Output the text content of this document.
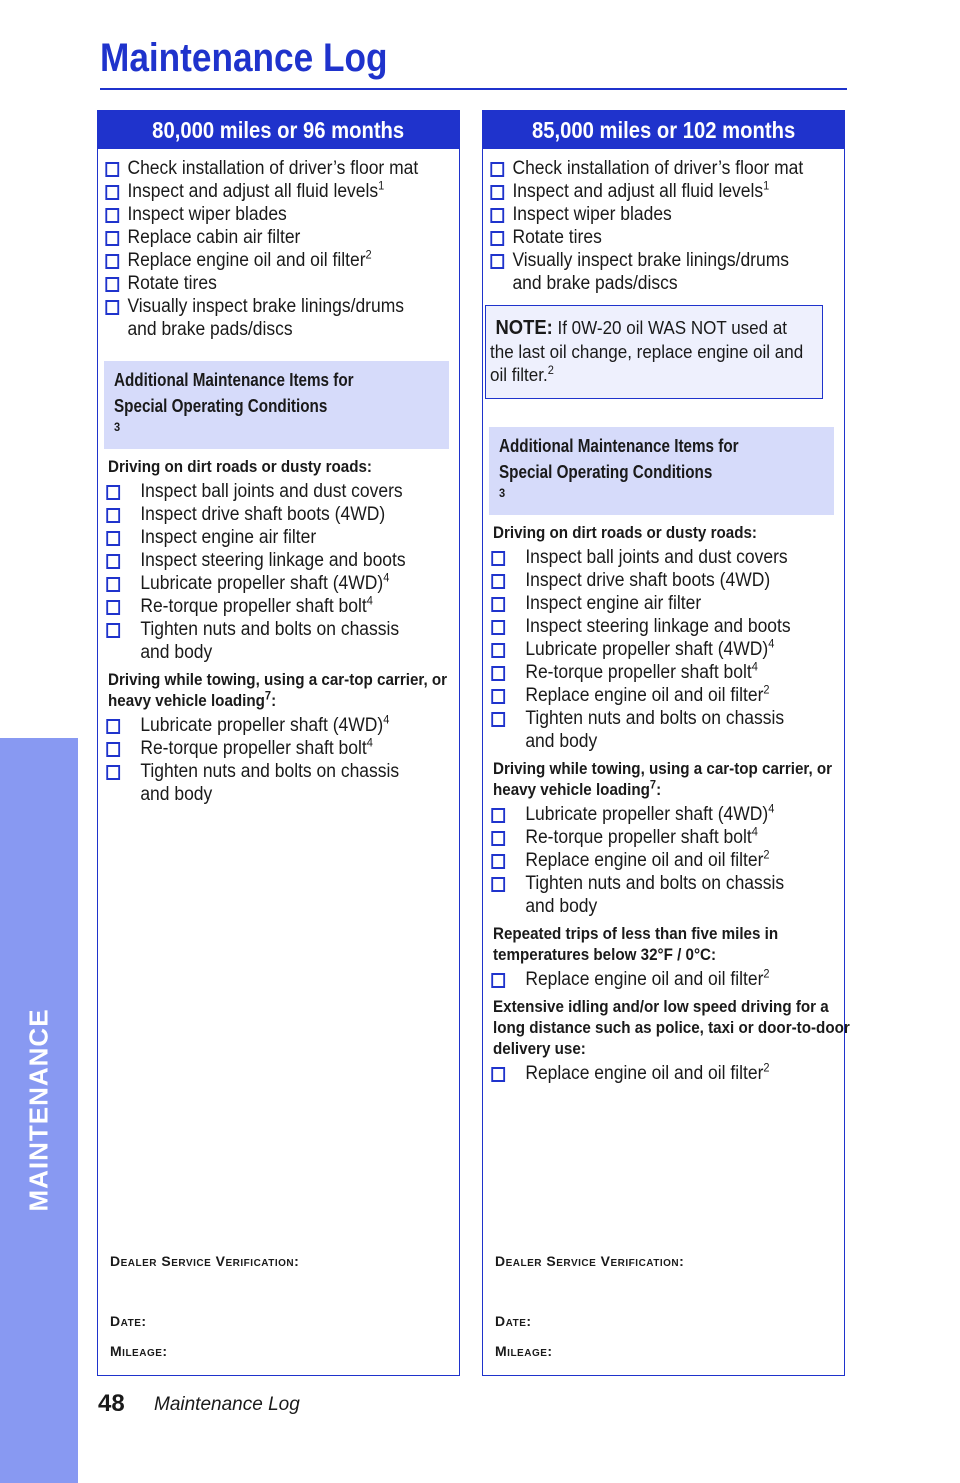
MAINTENANCE
Maintenance Log
80,000 miles or 96 months
Check installation of driver’s floor mat
Inspect and adjust all fluid levels$^1$
Inspect wiper blades
Replace cabin air filter
Replace engine oil and oil filter$^2$
Rotate tires
Visually inspect brake linings/drums and brake pads/discs
Additional Maintenance Items for Special Operating Conditions$^3$
Driving on dirt roads or dusty roads:
Inspect ball joints and dust covers
Inspect drive shaft boots (4WD)
Inspect engine air filter
Inspect steering linkage and boots
Lubricate propeller shaft $(4WD)^4$
Re-torque propeller shaft bolt$^4$
Tighten nuts and bolts on chassis and body
Driving while towing, using a car-top carrier, or heavy vehicle loading$^7$:
Lubricate propeller shaft $(4WD)^4$
Re-torque propeller shaft bolt$^4$
Tighten nuts and bolts on chassis and body
Dealer Service Verification:
Date:
Mileage:
85,000 miles or 102 months
Check installation of driver’s floor mat
Inspect and adjust all fluid levels$^1$
Inspect wiper blades
Rotate tires
Visually inspect brake linings/drums and brake pads/discs
NOTE: If 0W-20 oil WAS NOT used at the last oil change, replace engine oil and oil filter.$^2$
Additional Maintenance Items for Special Operating Conditions$^3$
Driving on dirt roads or dusty roads:
Inspect ball joints and dust covers
Inspect drive shaft boots (4WD)
Inspect engine air filter
Inspect steering linkage and boots
Lubricate propeller shaft $(4WD)^4$
Re-torque propeller shaft bolt$^4$
Replace engine oil and oil filter$^2$
Tighten nuts and bolts on chassis and body
Driving while towing, using a car-top carrier, or heavy vehicle loading$^7$:
Lubricate propeller shaft $(4WD)^4$
Re-torque propeller shaft bolt$^4$
Replace engine oil and oil filter$^2$
Tighten nuts and bolts on chassis and body
Repeated trips of less than five miles in temperatures below 32°F / 0°C:
Replace engine oil and oil filter$^2$
Extensive idling and/or low speed driving for a long distance such as police, taxi or door-to-door delivery use:
Replace engine oil and oil filter$^2$
Dealer Service Verification:
Date:
Mileage:
48 Maintenance Log
